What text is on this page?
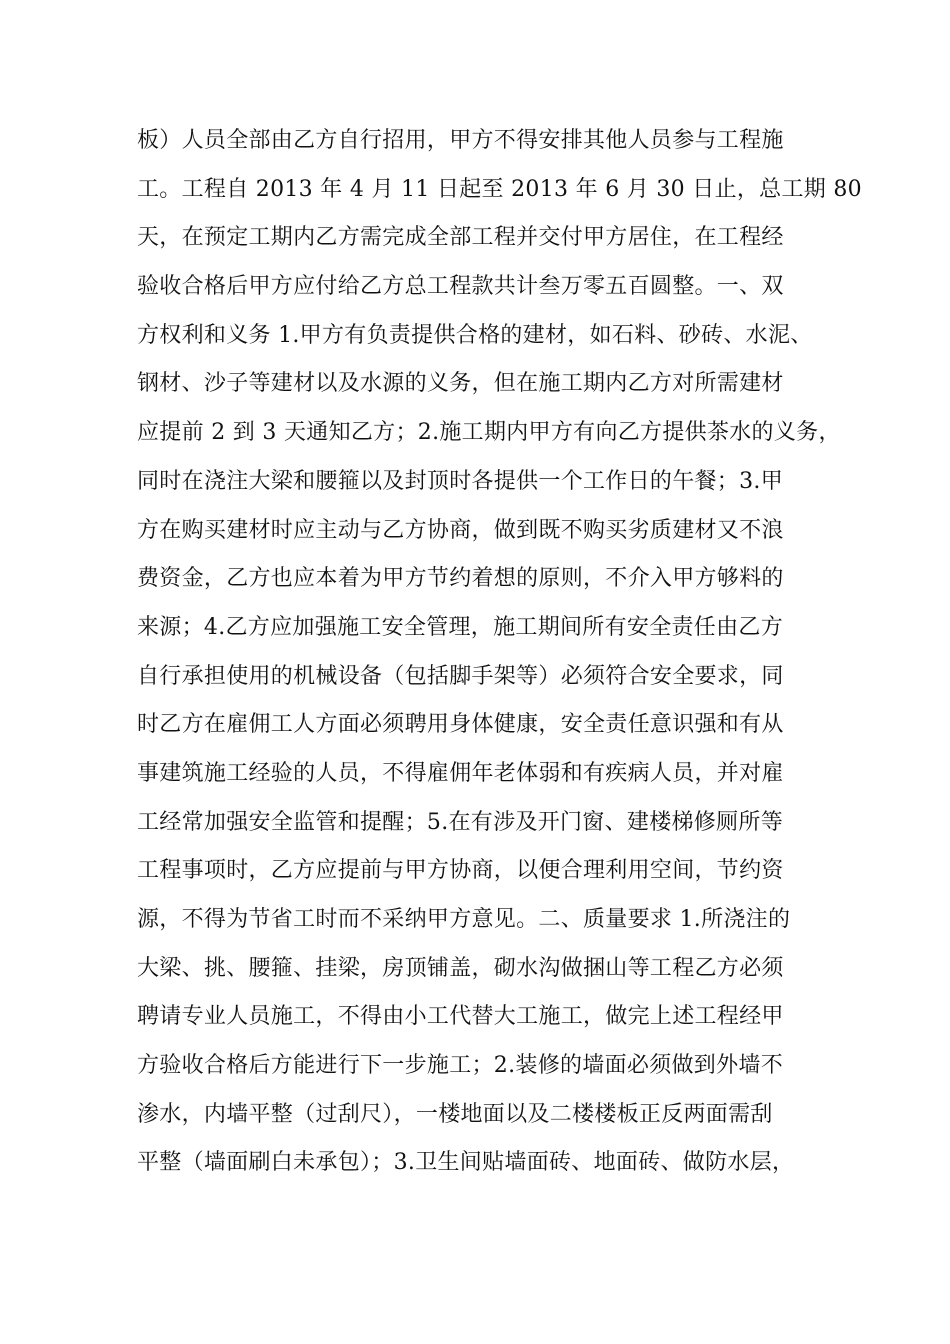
板）人员全部由乙方自行招用，甲方不得安排其他人员参与工程施
工。工程自 2013 年 4 月 11 日起至 2013 年 6 月 30 日止，总工期 80
天，在预定工期内乙方需完成全部工程并交付甲方居住，在工程经
验收合格后甲方应付给乙方总工程款共计叁万零五百圆整。一、双
方权利和义务 1.甲方有负责提供合格的建材，如石料、砂砖、水泥、
钢材、沙子等建材以及水源的义务，但在施工期内乙方对所需建材
应提前 2 到 3 天通知乙方；2.施工期内甲方有向乙方提供茶水的义务，
同时在浇注大梁和腰箍以及封顶时各提供一个工作日的午餐；3.甲
方在购买建材时应主动与乙方协商，做到既不购买劣质建材又不浪
费资金，乙方也应本着为甲方节约着想的原则，不介入甲方够料的
来源；4.乙方应加强施工安全管理，施工期间所有安全责任由乙方
自行承担使用的机械设备（包括脚手架等）必须符合安全要求，同
时乙方在雇佣工人方面必须聘用身体健康，安全责任意识强和有从
事建筑施工经验的人员，不得雇佣年老体弱和有疾病人员，并对雇
工经常加强安全监管和提醒；5.在有涉及开门窗、建楼梯修厕所等
工程事项时，乙方应提前与甲方协商，以便合理利用空间，节约资
源，不得为节省工时而不采纳甲方意见。二、质量要求 1.所浇注的
大梁、挑、腰箍、挂梁，房顶铺盖，砌水沟做捆山等工程乙方必须
聘请专业人员施工，不得由小工代替大工施工，做完上述工程经甲
方验收合格后方能进行下一步施工；2.装修的墙面必须做到外墙不
渗水，内墙平整（过刮尺），一楼地面以及二楼楼板正反两面需刮
平整（墙面刷白未承包）；3.卫生间贴墙面砖、地面砖、做防水层，
